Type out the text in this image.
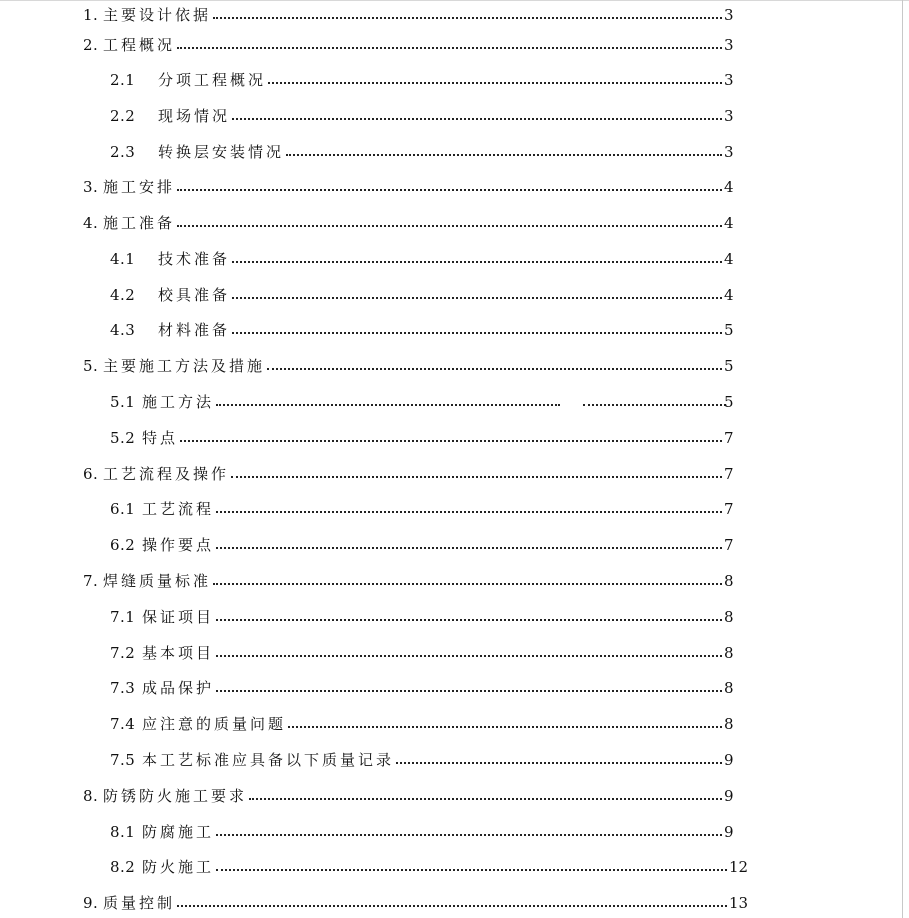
1. 主要设计依据	3
2. 工程概况	3
2.1 分项工程概况	3
2.2 现场情况	3
2.3 转换层安装情况	3
3. 施工安排	4
4. 施工准备	4
4.1 技术准备	4
4.2 校具准备	4
4.3 材料准备	5
5. 主要施工方法及措施	5
5.1 施工方法	5
5.2 特点	7
6. 工艺流程及操作	7
6.1 工艺流程	7
6.2 操作要点	7
7. 焊缝质量标准	8
7.1 保证项目	8
7.2 基本项目	8
7.3 成品保护	8
7.4 应注意的质量问题	8
7.5 本工艺标准应具备以下质量记录	9
8. 防锈防火施工要求	9
8.1 防腐施工	9
8.2 防火施工	12
9. 质量控制	13
